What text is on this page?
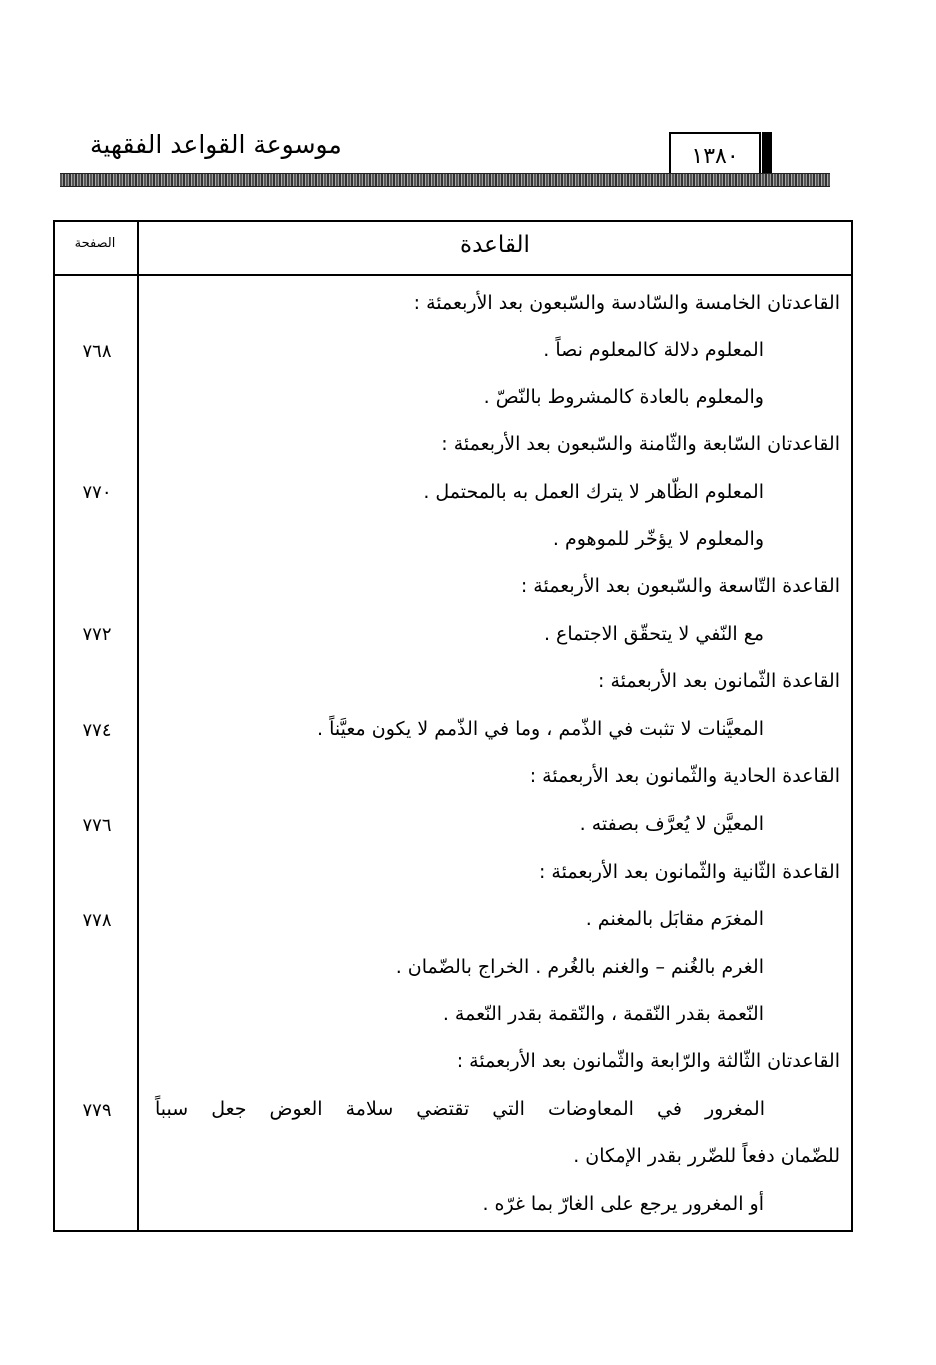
موسوعة القواعد الفقهية	١٣٨٠
الصفحة	القاعدة
القاعدتان الخامسة والسّادسة والسّبعون بعد الأربعمئة :
المعلوم دلالة كالمعلوم نصاً .
٧٦٨
والمعلوم بالعادة كالمشروط بالنّصّ .
القاعدتان السّابعة والثّامنة والسّبعون بعد الأربعمئة :
المعلوم الظّاهر لا يترك العمل به بالمحتمل .
٧٧٠
والمعلوم لا يؤخّر للموهوم .
القاعدة التّاسعة والسّبعون بعد الأربعمئة :
مع النّفي لا يتحقّق الاجتماع .
٧٧٢
القاعدة الثّمانون بعد الأربعمئة :
المعيَّنات لا تثبت في الذّمم ، وما في الذّمم لا يكون معيَّناً .
٧٧٤
القاعدة الحادية والثّمانون بعد الأربعمئة :
المعيَّن لا يُعرَّف بصفته .
٧٧٦
القاعدة الثّانية والثّمانون بعد الأربعمئة :
المغرَم مقابَل بالمغنم .
٧٧٨
الغرم بالغُنم – والغنم بالغُرم . الخراج بالضّمان .
النّعمة بقدر النّقمة ، والنّقمة بقدر النّعمة .
القاعدتان الثّالثة والرّابعة والثّمانون بعد الأربعمئة :
المغرور في المعاوضات التي تقتضي سلامة العوض جعل سبباً
٧٧٩
للضّمان دفعاً للضّرر بقدر الإمكان .
أو المغرور يرجع على الغارّ بما غرّه .
